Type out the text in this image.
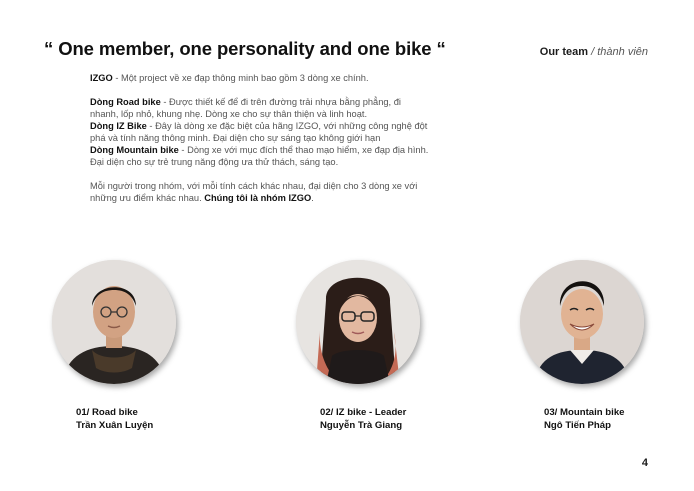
“ One member, one personality and one bike “	Our team / thành viên

IZGO - Một project về xe đạp thông minh bao gồm 3 dòng xe chính.

Dòng Road bike - Được thiết kế để đi trên đường trải nhựa bằng phẳng, đi nhanh, lốp nhỏ, khung nhẹ. Dòng xe cho sự thân thiện và linh hoạt.

Dòng IZ Bike - Đây là dòng xe đặc biệt của hãng IZGO, với những công nghệ đột phá và tính năng thông minh. Đại diện cho sự sáng tạo không giới hạn

Dòng Mountain bike - Dòng xe với mục đích thể thao mạo hiểm, xe đạp địa hình. Đại diện cho sự trẻ trung năng động ưa thử thách, sáng tạo.

Mỗi người trong nhóm, với mỗi tính cách khác nhau, đại diện cho 3 dòng xe với những ưu điểm khác nhau. Chúng tôi là nhóm IZGO.

01/ Road bike
Trần Xuân Luyện
02/ IZ bike - Leader
Nguyễn Trà Giang
03/ Mountain bike
Ngô Tiến Pháp
4
